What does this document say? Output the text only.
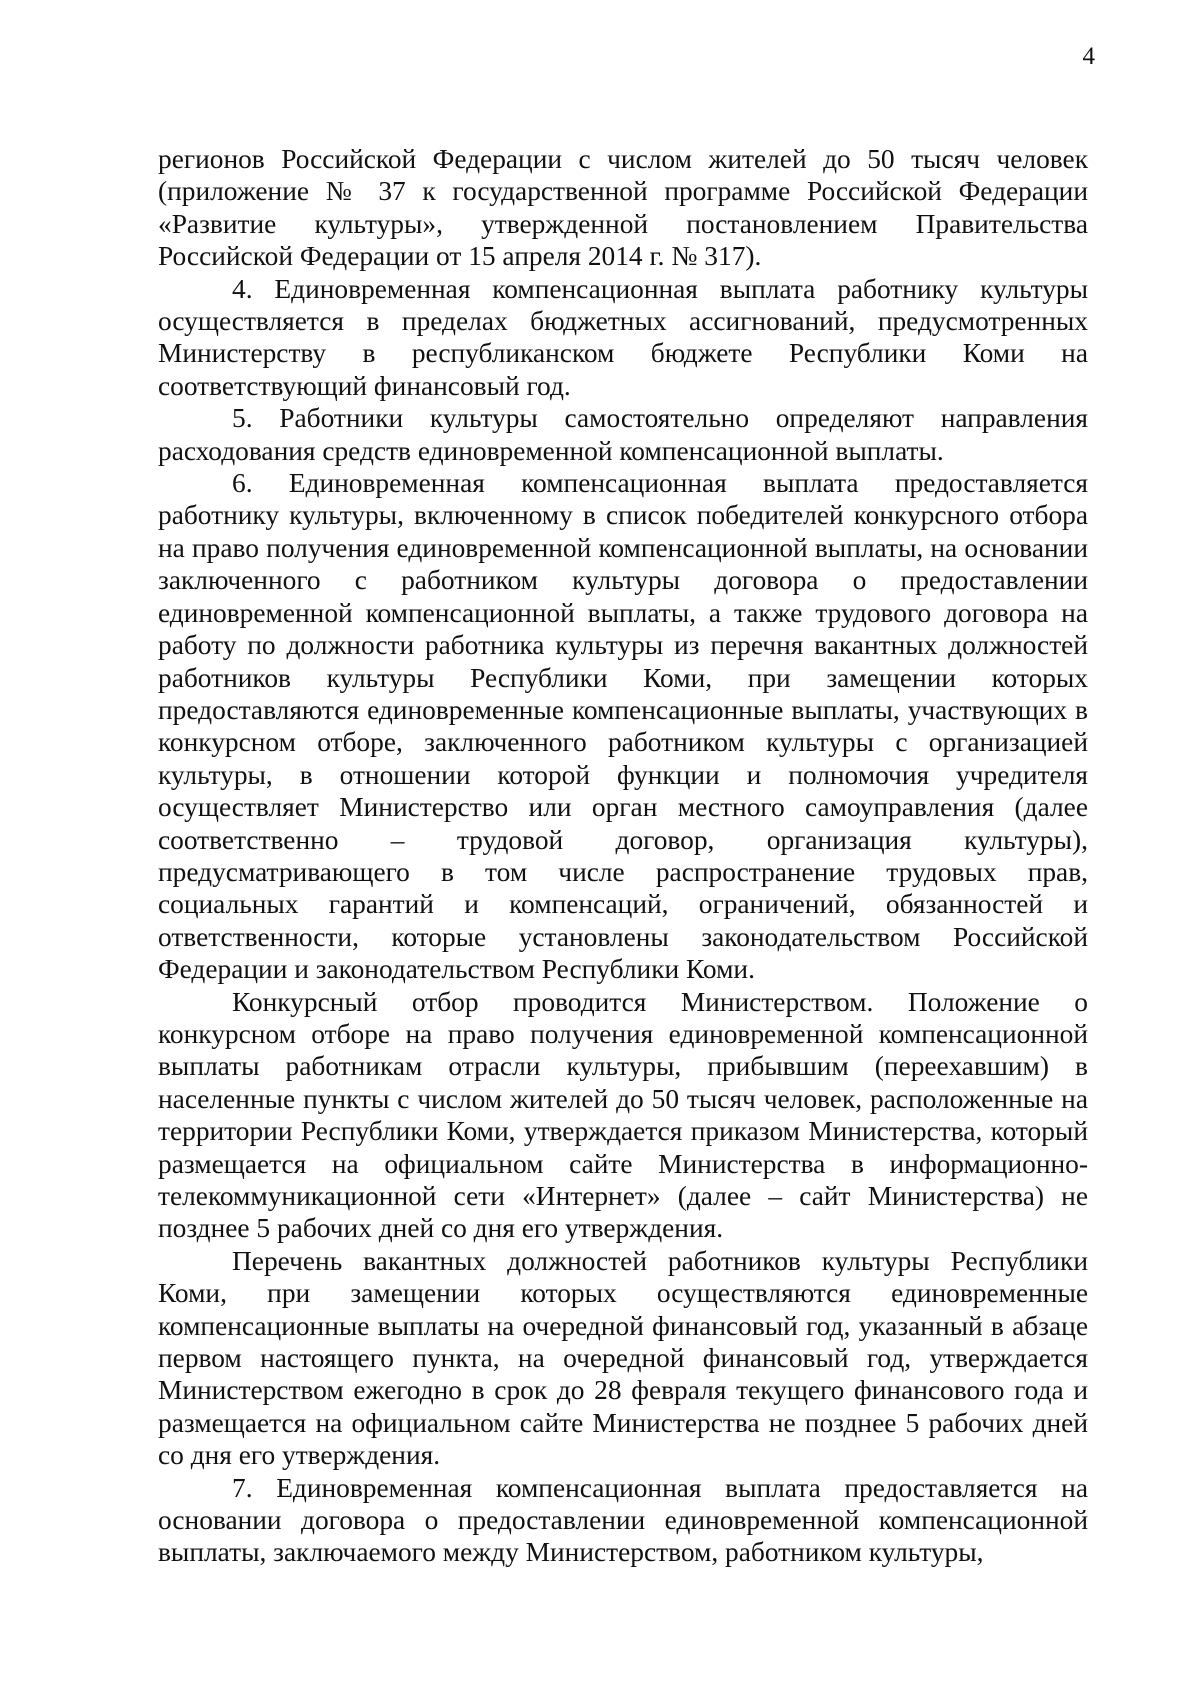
4

регионов Российской Федерации с числом жителей до 50 тысяч человек (приложение № 37 к государственной программе Российской Федерации «Развитие культуры», утвержденной постановлением Правительства Российской Федерации от 15 апреля 2014 г. № 317).

4. Единовременная компенсационная выплата работнику культуры осуществляется в пределах бюджетных ассигнований, предусмотренных Министерству в республиканском бюджете Республики Коми на соответствующий финансовый год.

5. Работники культуры самостоятельно определяют направления расходования средств единовременной компенсационной выплаты.

6. Единовременная компенсационная выплата предоставляется работнику культуры, включенному в список победителей конкурсного отбора на право получения единовременной компенсационной выплаты, на основании заключенного с работником культуры договора о предоставлении единовременной компенсационной выплаты, а также трудового договора на работу по должности работника культуры из перечня вакантных должностей работников культуры Республики Коми, при замещении которых предоставляются единовременные компенсационные выплаты, участвующих в конкурсном отборе, заключенного работником культуры с организацией культуры, в отношении которой функции и полномочия учредителя осуществляет Министерство или орган местного самоуправления (далее соответственно – трудовой договор, организация культуры), предусматривающего в том числе распространение трудовых прав, социальных гарантий и компенсаций, ограничений, обязанностей и ответственности, которые установлены законодательством Российской Федерации и законодательством Республики Коми.

Конкурсный отбор проводится Министерством. Положение о конкурсном отборе на право получения единовременной компенсационной выплаты работникам отрасли культуры, прибывшим (переехавшим) в населенные пункты с числом жителей до 50 тысяч человек, расположенные на территории Республики Коми, утверждается приказом Министерства, который размещается на официальном сайте Министерства в информационно-телекоммуникационной сети «Интернет» (далее – сайт Министерства) не позднее 5 рабочих дней со дня его утверждения.

Перечень вакантных должностей работников культуры Республики Коми, при замещении которых осуществляются единовременные компенсационные выплаты на очередной финансовый год, указанный в абзаце первом настоящего пункта, на очередной финансовый год, утверждается Министерством ежегодно в срок до 28 февраля текущего финансового года и размещается на официальном сайте Министерства не позднее 5 рабочих дней со дня его утверждения.

7. Единовременная компенсационная выплата предоставляется на основании договора о предоставлении единовременной компенсационной выплаты, заключаемого между Министерством, работником культуры,
